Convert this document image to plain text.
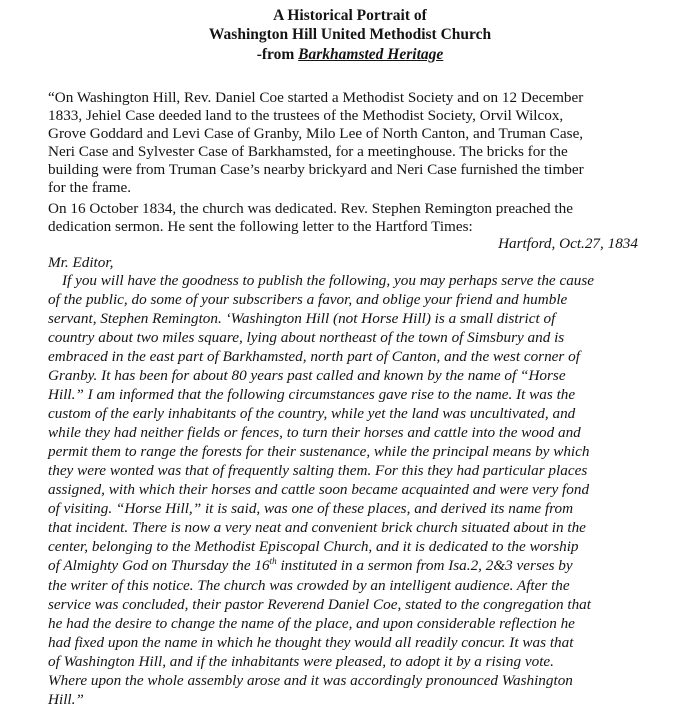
A Historical Portrait of
Washington Hill United Methodist Church
-from Barkhamsted Heritage
“On Washington Hill, Rev. Daniel Coe started a Methodist Society and on 12 December
1833, Jehiel Case deeded land to the trustees of the Methodist Society, Orvil Wilcox,
Grove Goddard and Levi Case of Granby, Milo Lee of North Canton, and Truman Case,
Neri Case and Sylvester Case of Barkhamsted, for a meetinghouse. The bricks for the
building were from Truman Case’s nearby brickyard and Neri Case furnished the timber
for the frame.
On 16 October 1834, the church was dedicated. Rev. Stephen Remington preached the
dedication sermon. He sent the following letter to the Hartford Times:
Hartford, Oct.27, 1834
Mr. Editor,
If you will have the goodness to publish the following, you may perhaps serve the cause
of the public, do some of your subscribers a favor, and oblige your friend and humble
servant, Stephen Remington. ‘Washington Hill (not Horse Hill) is a small district of
country about two miles square, lying about northeast of the town of Simsbury and is
embraced in the east part of Barkhamsted, north part of Canton, and the west corner of
Granby. It has been for about 80 years past called and known by the name of “Horse
Hill.” I am informed that the following circumstances gave rise to the name. It was the
custom of the early inhabitants of the country, while yet the land was uncultivated, and
while they had neither fields or fences, to turn their horses and cattle into the wood and
permit them to range the forests for their sustenance, while the principal means by which
they were wonted was that of frequently salting them. For this they had particular places
assigned, with which their horses and cattle soon became acquainted and were very fond
of visiting. “Horse Hill,” it is said, was one of these places, and derived its name from
that incident. There is now a very neat and convenient brick church situated about in the
center, belonging to the Methodist Episcopal Church, and it is dedicated to the worship
of Almighty God on Thursday the 16th instituted in a sermon from Isa.2, 2&3 verses by
the writer of this notice. The church was crowded by an intelligent audience. After the
service was concluded, their pastor Reverend Daniel Coe, stated to the congregation that
he had the desire to change the name of the place, and upon considerable reflection he
had fixed upon the name in which he thought they would all readily concur. It was that
of Washington Hill, and if the inhabitants were pleased, to adopt it by a rising vote.
Where upon the whole assembly arose and it was accordingly pronounced Washington
Hill.”
